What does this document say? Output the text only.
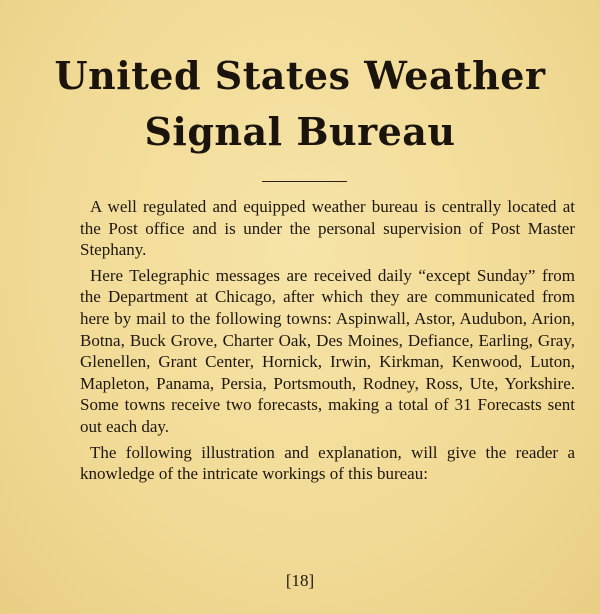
United States Weather
Signal Bureau

A well regulated and equipped weather bureau is centrally located at the Post office and is under the personal supervision of Post Master Stephany.

Here Telegraphic messages are received daily “except Sunday” from the Department at Chicago, after which they are communicated from here by mail to the following towns: Aspinwall, Astor, Audubon, Arion, Botna, Buck Grove, Charter Oak, Des Moines, Defiance, Earling, Gray, Glenellen, Grant Center, Hornick, Irwin, Kirkman, Kenwood, Luton, Mapleton, Panama, Persia, Portsmouth, Rodney, Ross, Ute, Yorkshire. Some towns receive two forecasts, making a total of 31 Forecasts sent out each day.

The following illustration and explanation, will give the reader a knowledge of the intricate workings of this bureau:

[18]
